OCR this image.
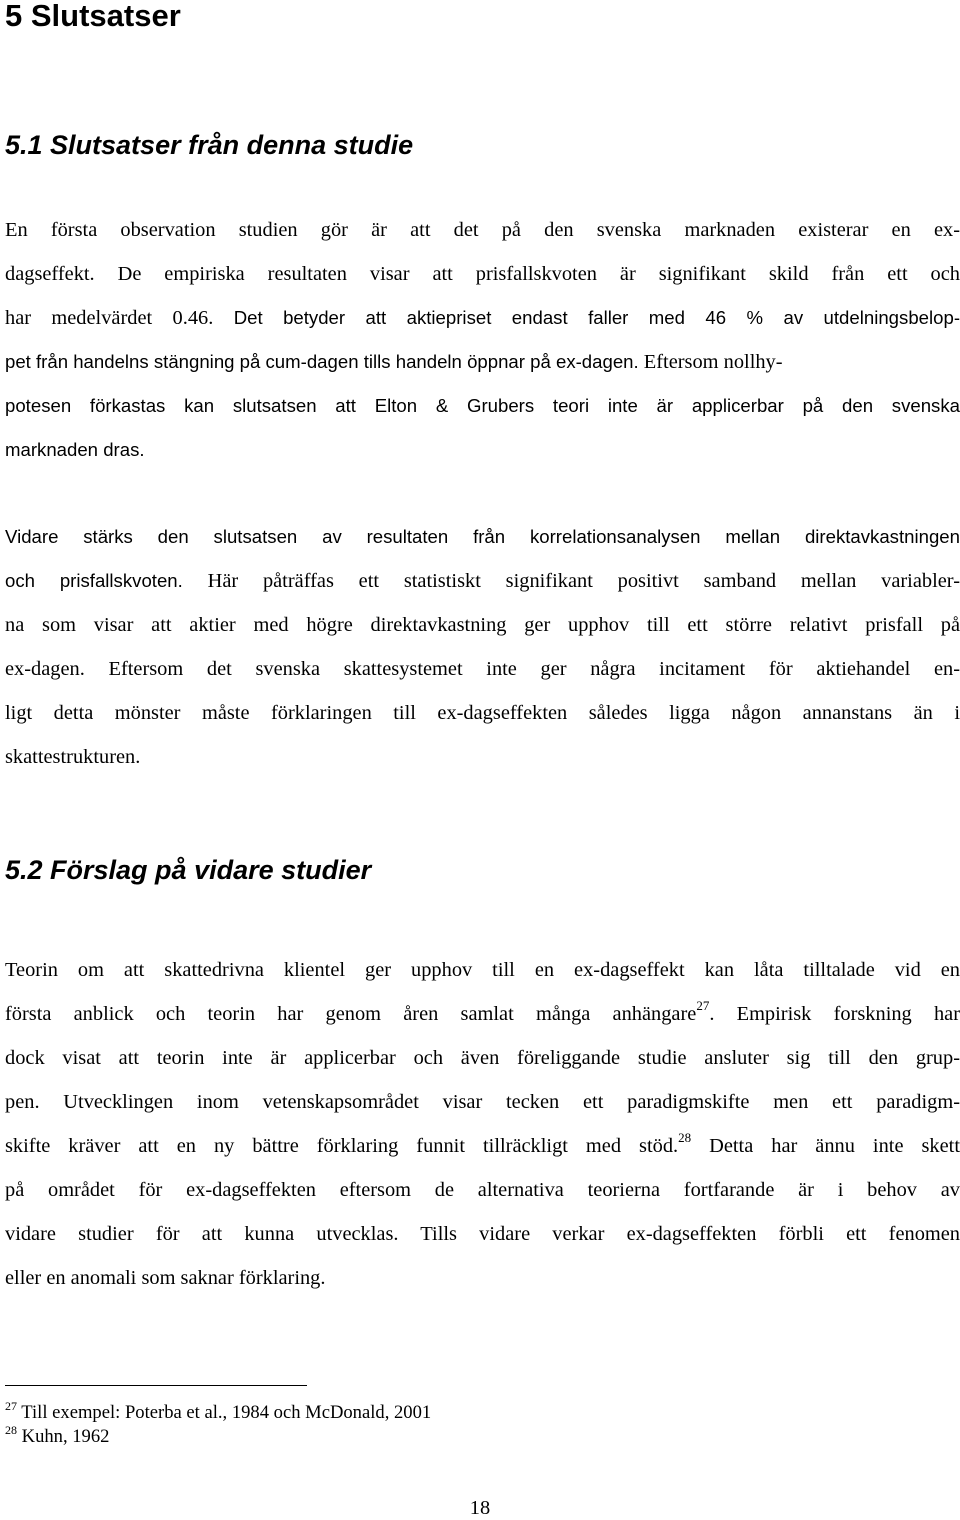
5 Slutsatser
5.1 Slutsatser från denna studie
En första observation studien gör är att det på den svenska marknaden existerar en ex-
dagseffekt. De empiriska resultaten visar att prisfallskvoten är signifikant skild från ett och
har medelvärdet 0.46. Det betyder att aktiepriset endast faller med 46 % av utdelningsbelop-
pet från handelns stängning på cum-dagen tills handeln öppnar på ex-dagen. Eftersom nollhy-
potesen förkastas kan slutsatsen att Elton & Grubers teori inte är applicerbar på den svenska
marknaden dras.
Vidare stärks den slutsatsen av resultaten från korrelationsanalysen mellan direktavkastningen
och prisfallskvoten. Här påträffas ett statistiskt signifikant positivt samband mellan variabler-
na som visar att aktier med högre direktavkastning ger upphov till ett större relativt prisfall på
ex-dagen. Eftersom det svenska skattesystemet inte ger några incitament för aktiehandel en-
ligt detta mönster måste förklaringen till ex-dagseffekten således ligga någon annanstans än i
skattestrukturen.
5.2 Förslag på vidare studier
Teorin om att skattedrivna klientel ger upphov till en ex-dagseffekt kan låta tilltalade vid en
första anblick och teorin har genom åren samlat många anhängare$^{27}$. Empirisk forskning har
dock visat att teorin inte är applicerbar och även föreliggande studie ansluter sig till den grup-
pen. Utvecklingen inom vetenskapsområdet visar tecken ett paradigmskifte men ett paradigm-
skifte kräver att en ny bättre förklaring funnit tillräckligt med stöd.$^{28}$ Detta har ännu inte skett
på området för ex-dagseffekten eftersom de alternativa teorierna fortfarande är i behov av
vidare studier för att kunna utvecklas. Tills vidare verkar ex-dagseffekten förbli ett fenomen
eller en anomali som saknar förklaring.
$^{27}$ Till exempel: Poterba et al., 1984 och McDonald, 2001
$^{28}$ Kuhn, 1962
18
